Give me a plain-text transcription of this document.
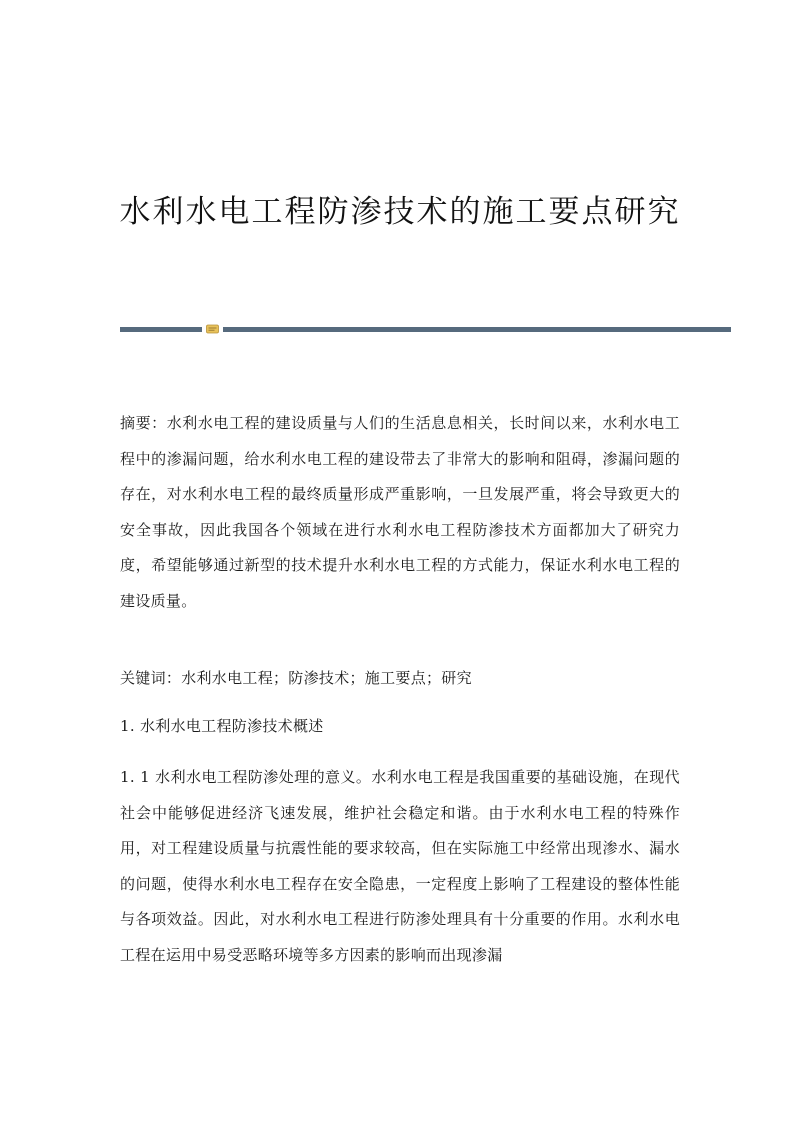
水利水电工程防渗技术的施工要点研究

摘要：水利水电工程的建设质量与人们的生活息息相关，长时间以来，水利水电工程中的渗漏问题，给水利水电工程的建设带去了非常大的影响和阻碍，渗漏问题的存在，对水利水电工程的最终质量形成严重影响，一旦发展严重，将会导致更大的安全事故，因此我国各个领域在进行水利水电工程防渗技术方面都加大了研究力度，希望能够通过新型的技术提升水利水电工程的方式能力，保证水利水电工程的建设质量。

关键词：水利水电工程；防渗技术；施工要点；研究

1. 水利水电工程防渗技术概述

1. 1 水利水电工程防渗处理的意义。水利水电工程是我国重要的基础设施，在现代社会中能够促进经济飞速发展，维护社会稳定和谐。由于水利水电工程的特殊作用，对工程建设质量与抗震性能的要求较高，但在实际施工中经常出现渗水、漏水的问题，使得水利水电工程存在安全隐患，一定程度上影响了工程建设的整体性能与各项效益。因此，对水利水电工程进行防渗处理具有十分重要的作用。水利水电工程在运用中易受恶略环境等多方因素的影响而出现渗漏
